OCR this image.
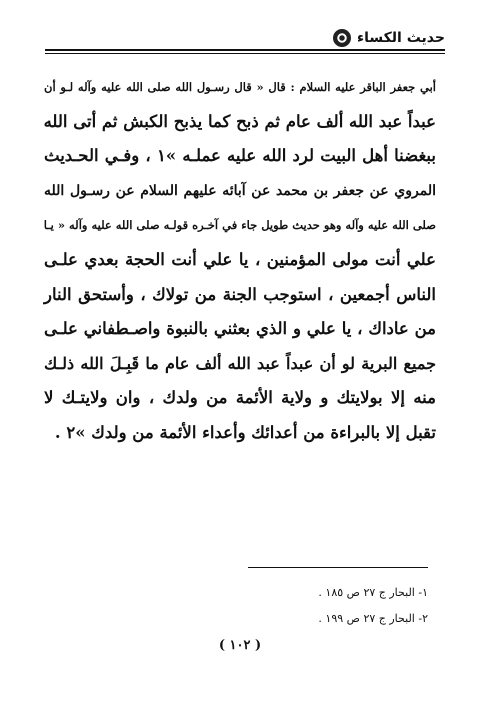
حديث الكساء
أبي جعفر الباقر عليه السلام : قال « قال رسـول الله صلى الله عليه وآله لـو أن
عبداً عبد الله ألف عام ثم ذبح كما يذبح الكبش ثم أتى الله
ببغضنا أهل البيت لرد الله عليه عملـه »١ ، وفـي الحـديث
المروي عن جعفر بن محمد عن آبائه عليهم السلام عن رسـول الله
صلى الله عليه وآله وهو حديث طويل جاء في آخـره قولـه صلى الله عليه وآله « يـا
علي أنت مولى المؤمنين ، يا علي أنت الحجة بعدي علـى
الناس أجمعين ، استوجب الجنة من تولاك ، وأستحق النار
من عاداك ، يا علي و الذي بعثني بالنبوة واصـطفاني علـى
جميع البرية لو أن عبداً عبد الله ألف عام ما قَبِـلَ الله ذلـك
منه إلا بولايتك و ولاية الأئمة من ولدك ، وان ولايتـك لا
تقبل إلا بالبراءة من أعدائك وأعداء الأئمة من ولدك »٢ .
١- البحار ج ٢٧ ص ١٨٥ .
٢- البحار ج ٢٧ ص ١٩٩ .
( ١٠٢ )
